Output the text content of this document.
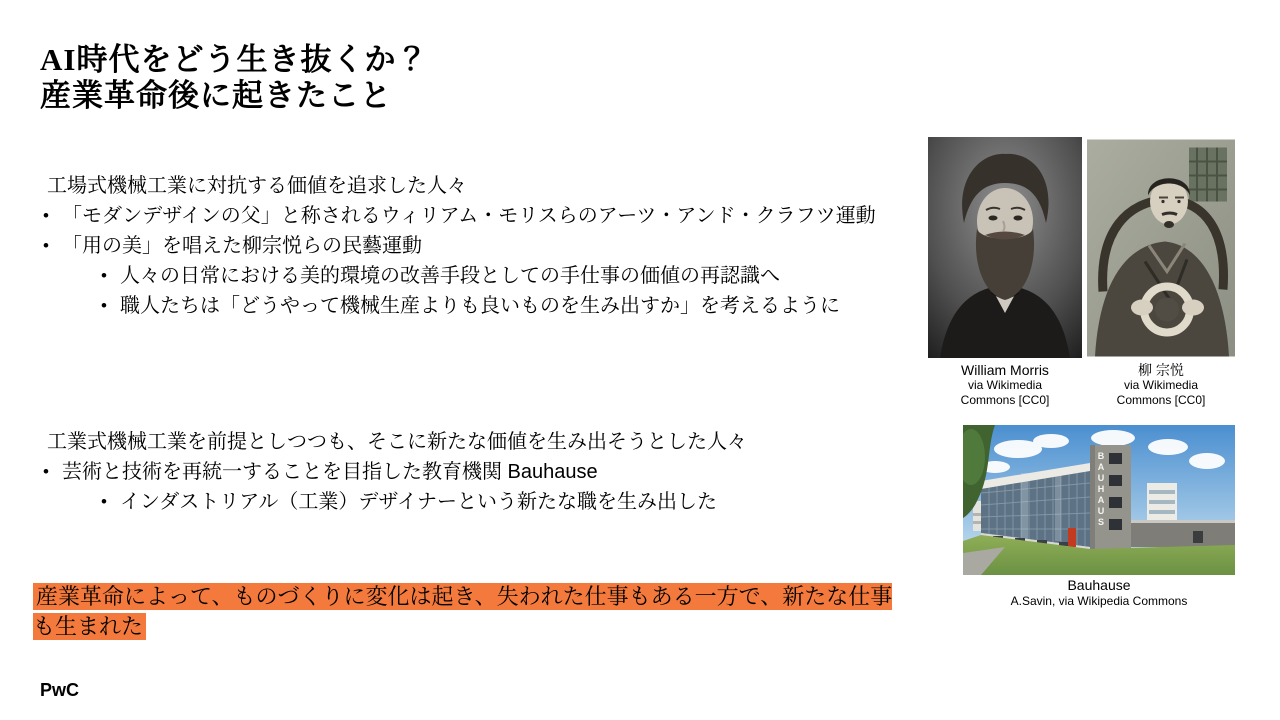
AI時代をどう生き抜くか？
産業革命後に起きたこと
工場式機械工業に対抗する価値を追求した人々
• 「モダンデザインの父」と称されるウィリアム・モリスらのアーツ・アンド・クラフツ運動
• 「用の美」を唱えた柳宗悦らの民藝運動
• 人々の日常における美的環境の改善手段としての手仕事の価値の再認識へ
• 職人たちは「どうやって機械生産よりも良いものを生み出すか」を考えるように
工業式機械工業を前提としつつも、そこに新たな価値を生み出そうとした人々
• 芸術と技術を再統一することを目指した教育機関 Bauhause
• インダストリアル（工業）デザイナーという新たな職を生み出した
産業革命によって、ものづくりに変化は起き、失われた仕事もある一方で、新たな仕事も生まれた
B A U H A U S
William Morris
via Wikimedia
Commons [CC0]
柳 宗悦
via Wikimedia
Commons [CC0]
Bauhause
A.Savin, via Wikipedia Commons
PwC
